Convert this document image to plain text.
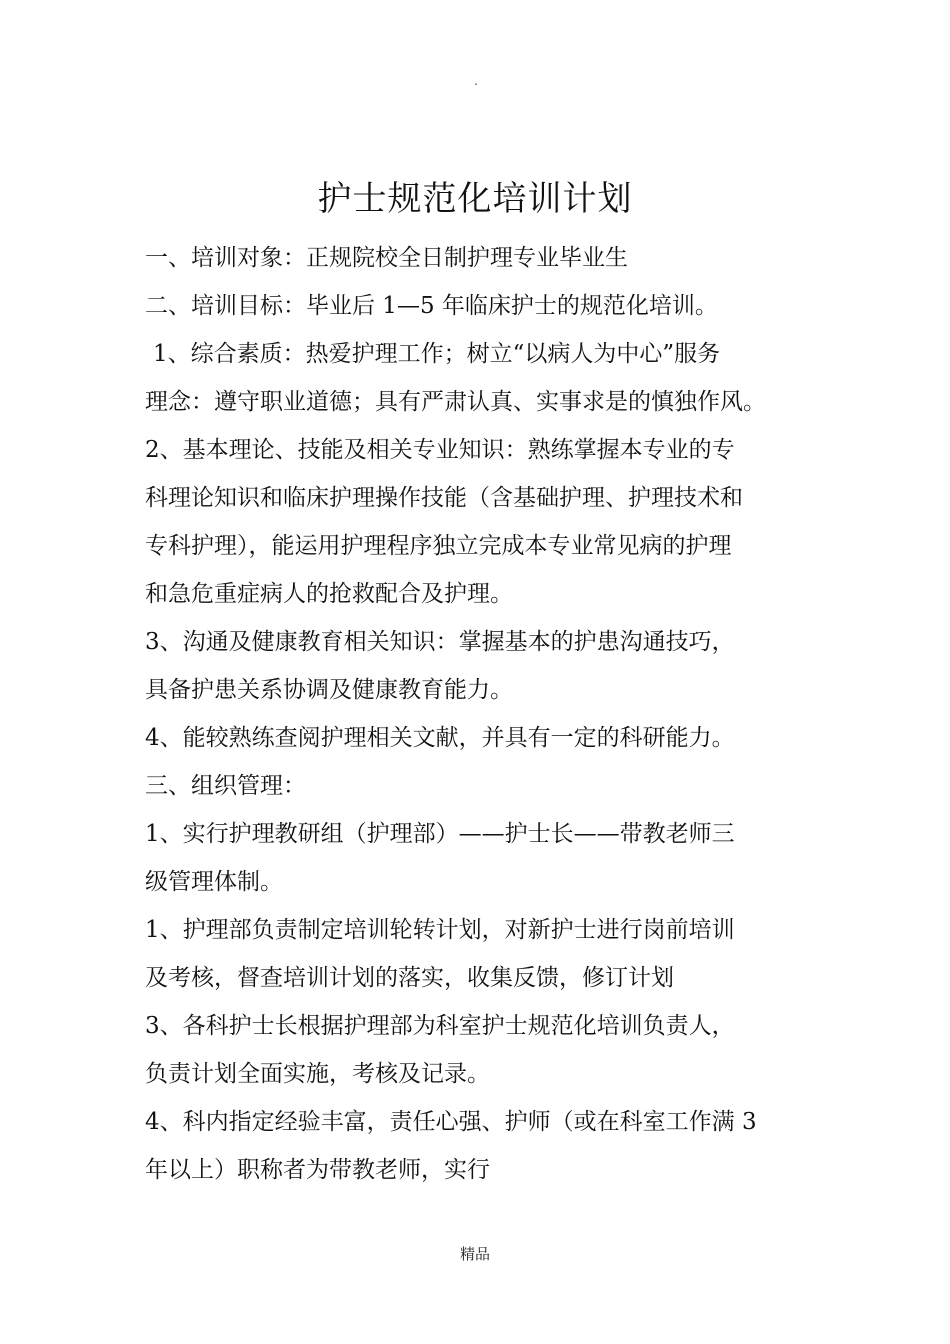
.
护士规范化培训计划
一、培训对象：正规院校全日制护理专业毕业生
二、培训目标：毕业后 1—5 年临床护士的规范化培训。
1、综合素质：热爱护理工作；树立“以病人为中心”服务
理念：遵守职业道德；具有严肃认真、实事求是的慎独作风。
2、基本理论、技能及相关专业知识：熟练掌握本专业的专
科理论知识和临床护理操作技能（含基础护理、护理技术和
专科护理），能运用护理程序独立完成本专业常见病的护理
和急危重症病人的抢救配合及护理。
3、沟通及健康教育相关知识：掌握基本的护患沟通技巧，
具备护患关系协调及健康教育能力。
4、能较熟练查阅护理相关文献，并具有一定的科研能力。
三、组织管理：
1、实行护理教研组（护理部）——护士长——带教老师三
级管理体制。
1、护理部负责制定培训轮转计划，对新护士进行岗前培训
及考核，督查培训计划的落实，收集反馈，修订计划
3、各科护士长根据护理部为科室护士规范化培训负责人，
负责计划全面实施，考核及记录。
4、科内指定经验丰富，责任心强、护师（或在科室工作满 3
年以上）职称者为带教老师，实行
精品
